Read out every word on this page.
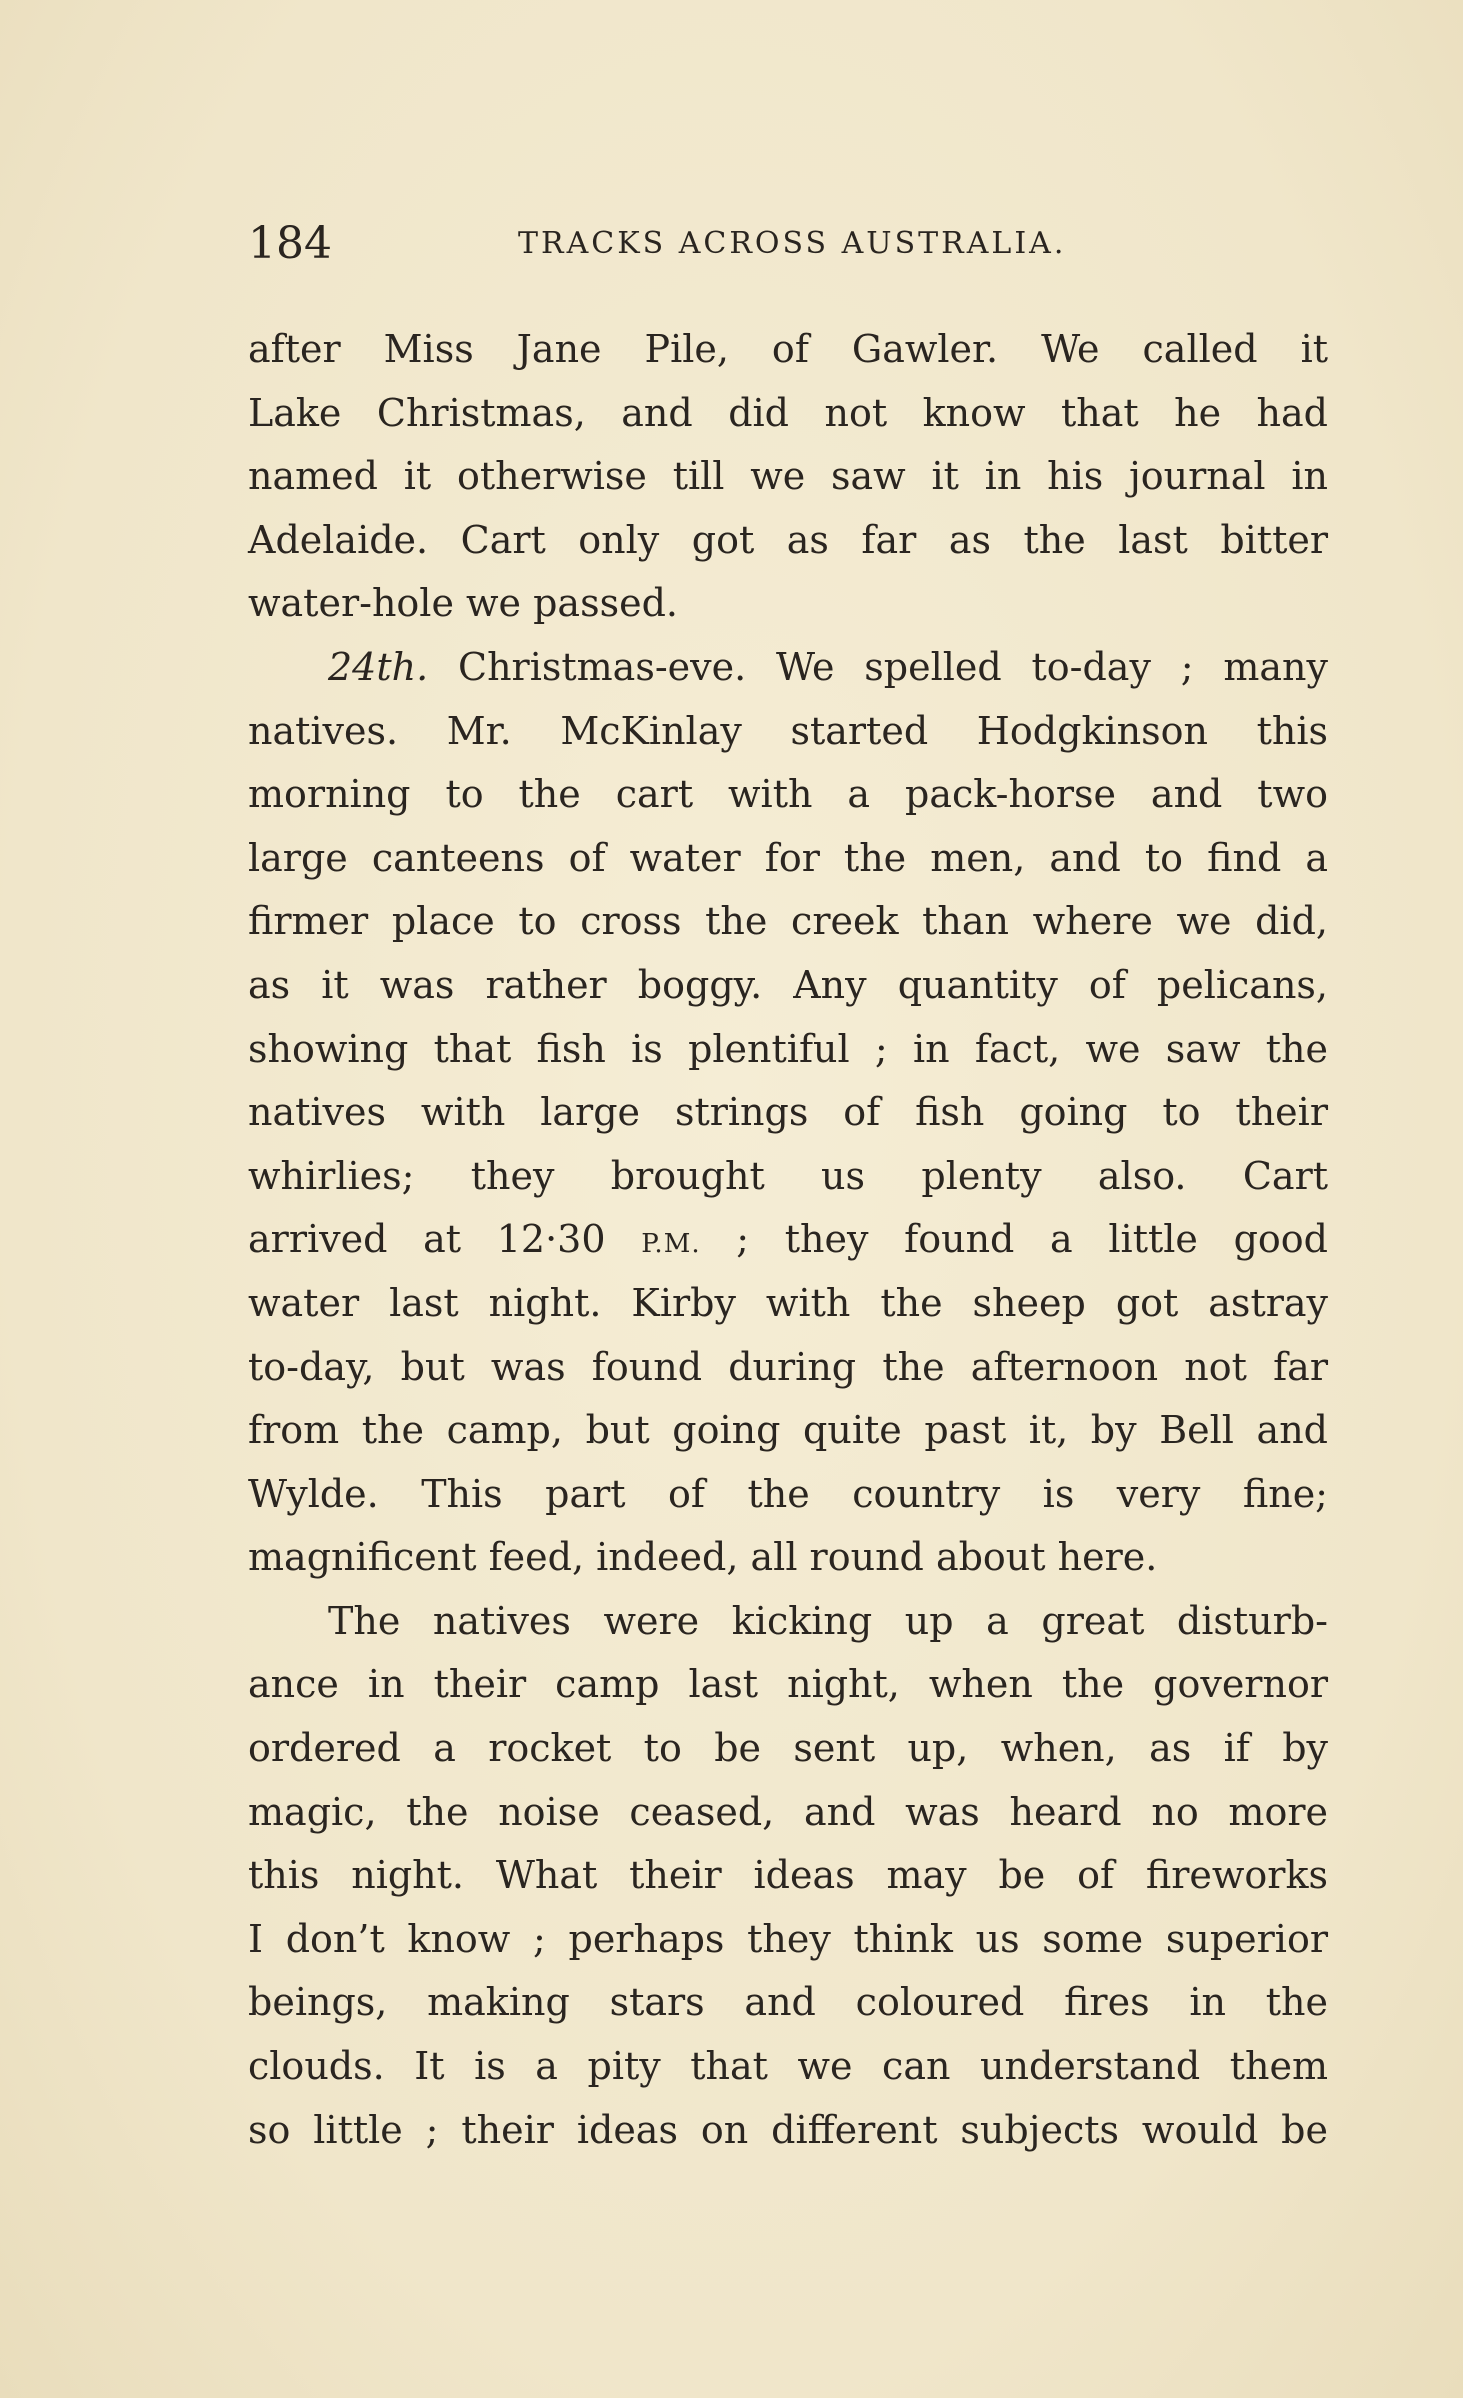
184	TRACKS ACROSS AUSTRALIA.
after Miss Jane Pile, of Gawler. We called it
Lake Christmas, and did not know that he had
named it otherwise till we saw it in his journal in
Adelaide. Cart only got as far as the last bitter
water-hole we passed.
24th. Christmas-eve. We spelled to-day ; many
natives. Mr. McKinlay started Hodgkinson this
morning to the cart with a pack-horse and two
large canteens of water for the men, and to find a
firmer place to cross the creek than where we did,
as it was rather boggy. Any quantity of pelicans,
showing that fish is plentiful ; in fact, we saw the
natives with large strings of fish going to their
whirlies; they brought us plenty also. Cart
arrived at 12·30 P.M. ; they found a little good
water last night. Kirby with the sheep got astray
to-day, but was found during the afternoon not far
from the camp, but going quite past it, by Bell and
Wylde. This part of the country is very fine;
magnificent feed, indeed, all round about here.
The natives were kicking up a great disturb-
ance in their camp last night, when the governor
ordered a rocket to be sent up, when, as if by
magic, the noise ceased, and was heard no more
this night. What their ideas may be of fireworks
I don’t know ; perhaps they think us some superior
beings, making stars and coloured fires in the
clouds. It is a pity that we can understand them
so little ; their ideas on different subjects would be
